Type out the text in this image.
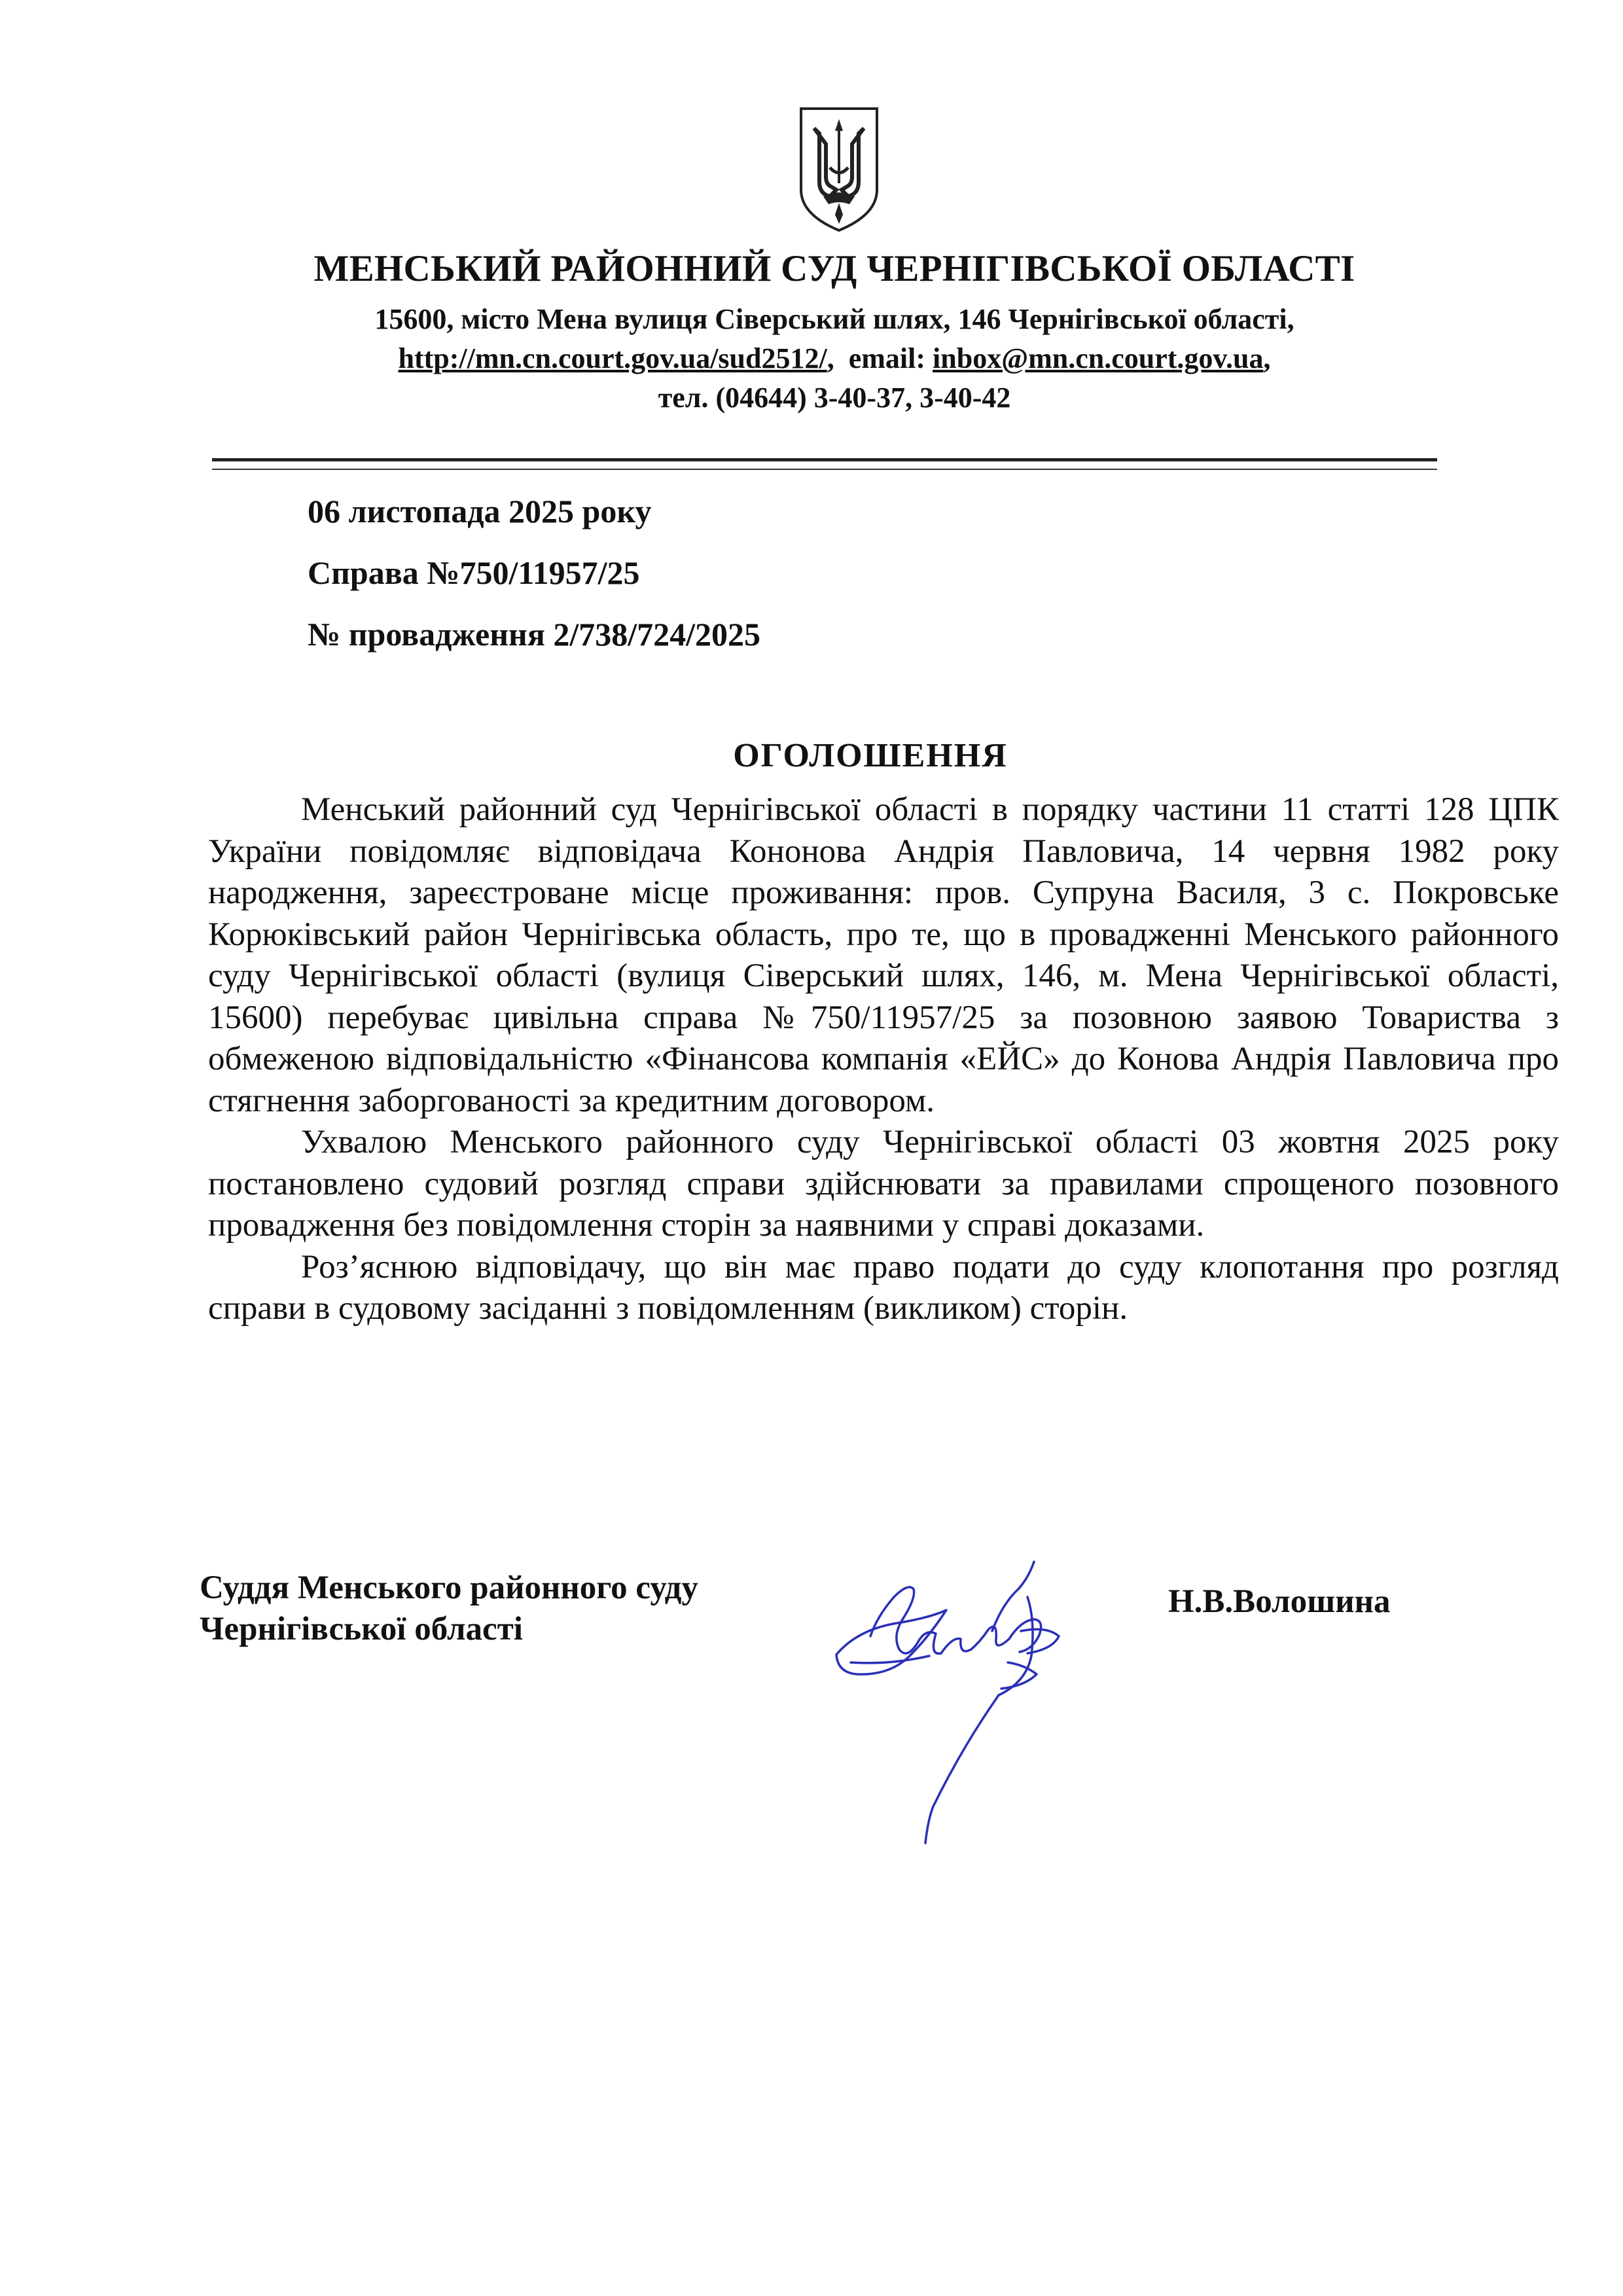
МЕНСЬКИЙ РАЙОННИЙ СУД ЧЕРНІГІВСЬКОЇ ОБЛАСТІ
15600, місто Мена вулиця Сіверський шлях, 146 Чернігівської області,
http://mn.cn.court.gov.ua/sud2512/,  email: inbox@mn.cn.court.gov.ua,
тел. (04644) 3-40-37, 3-40-42
06 листопада 2025 року
Справа №750/11957/25
№ провадження 2/738/724/2025
ОГОЛОШЕННЯ

Менський районний суд Чернігівської області в порядку частини 11 статті 128 ЦПК України повідомляє відповідача Кононова Андрія Павловича, 14 червня 1982 року народження, зареєстроване місце проживання: пров. Супруна Василя, 3 с. Покровське Корюківський район Чернігівська область, про те, що в провадженні Менського районного суду Чернігівської області (вулиця Сіверський шлях, 146, м. Мена Чернігівської області, 15600) перебуває цивільна справа №750/11957/25 за позовною заявою Товариства з обмеженою відповідальністю «Фінансова компанія «ЕЙС» до Конова Андрія Павловича про стягнення заборгованості за кредитним договором.

Ухвалою Менського районного суду Чернігівської області 03 жовтня 2025 року постановлено судовий розгляд справи здійснювати за правилами спрощеного позовного провадження без повідомлення сторін за наявними у справі доказами.

Роз’яснюю відповідачу, що він має право подати до суду клопотання про розгляд справи в судовому засіданні з повідомленням (викликом) сторін.

Суддя Менського районного суду
Чернігівської області
Н.В.Волошина
